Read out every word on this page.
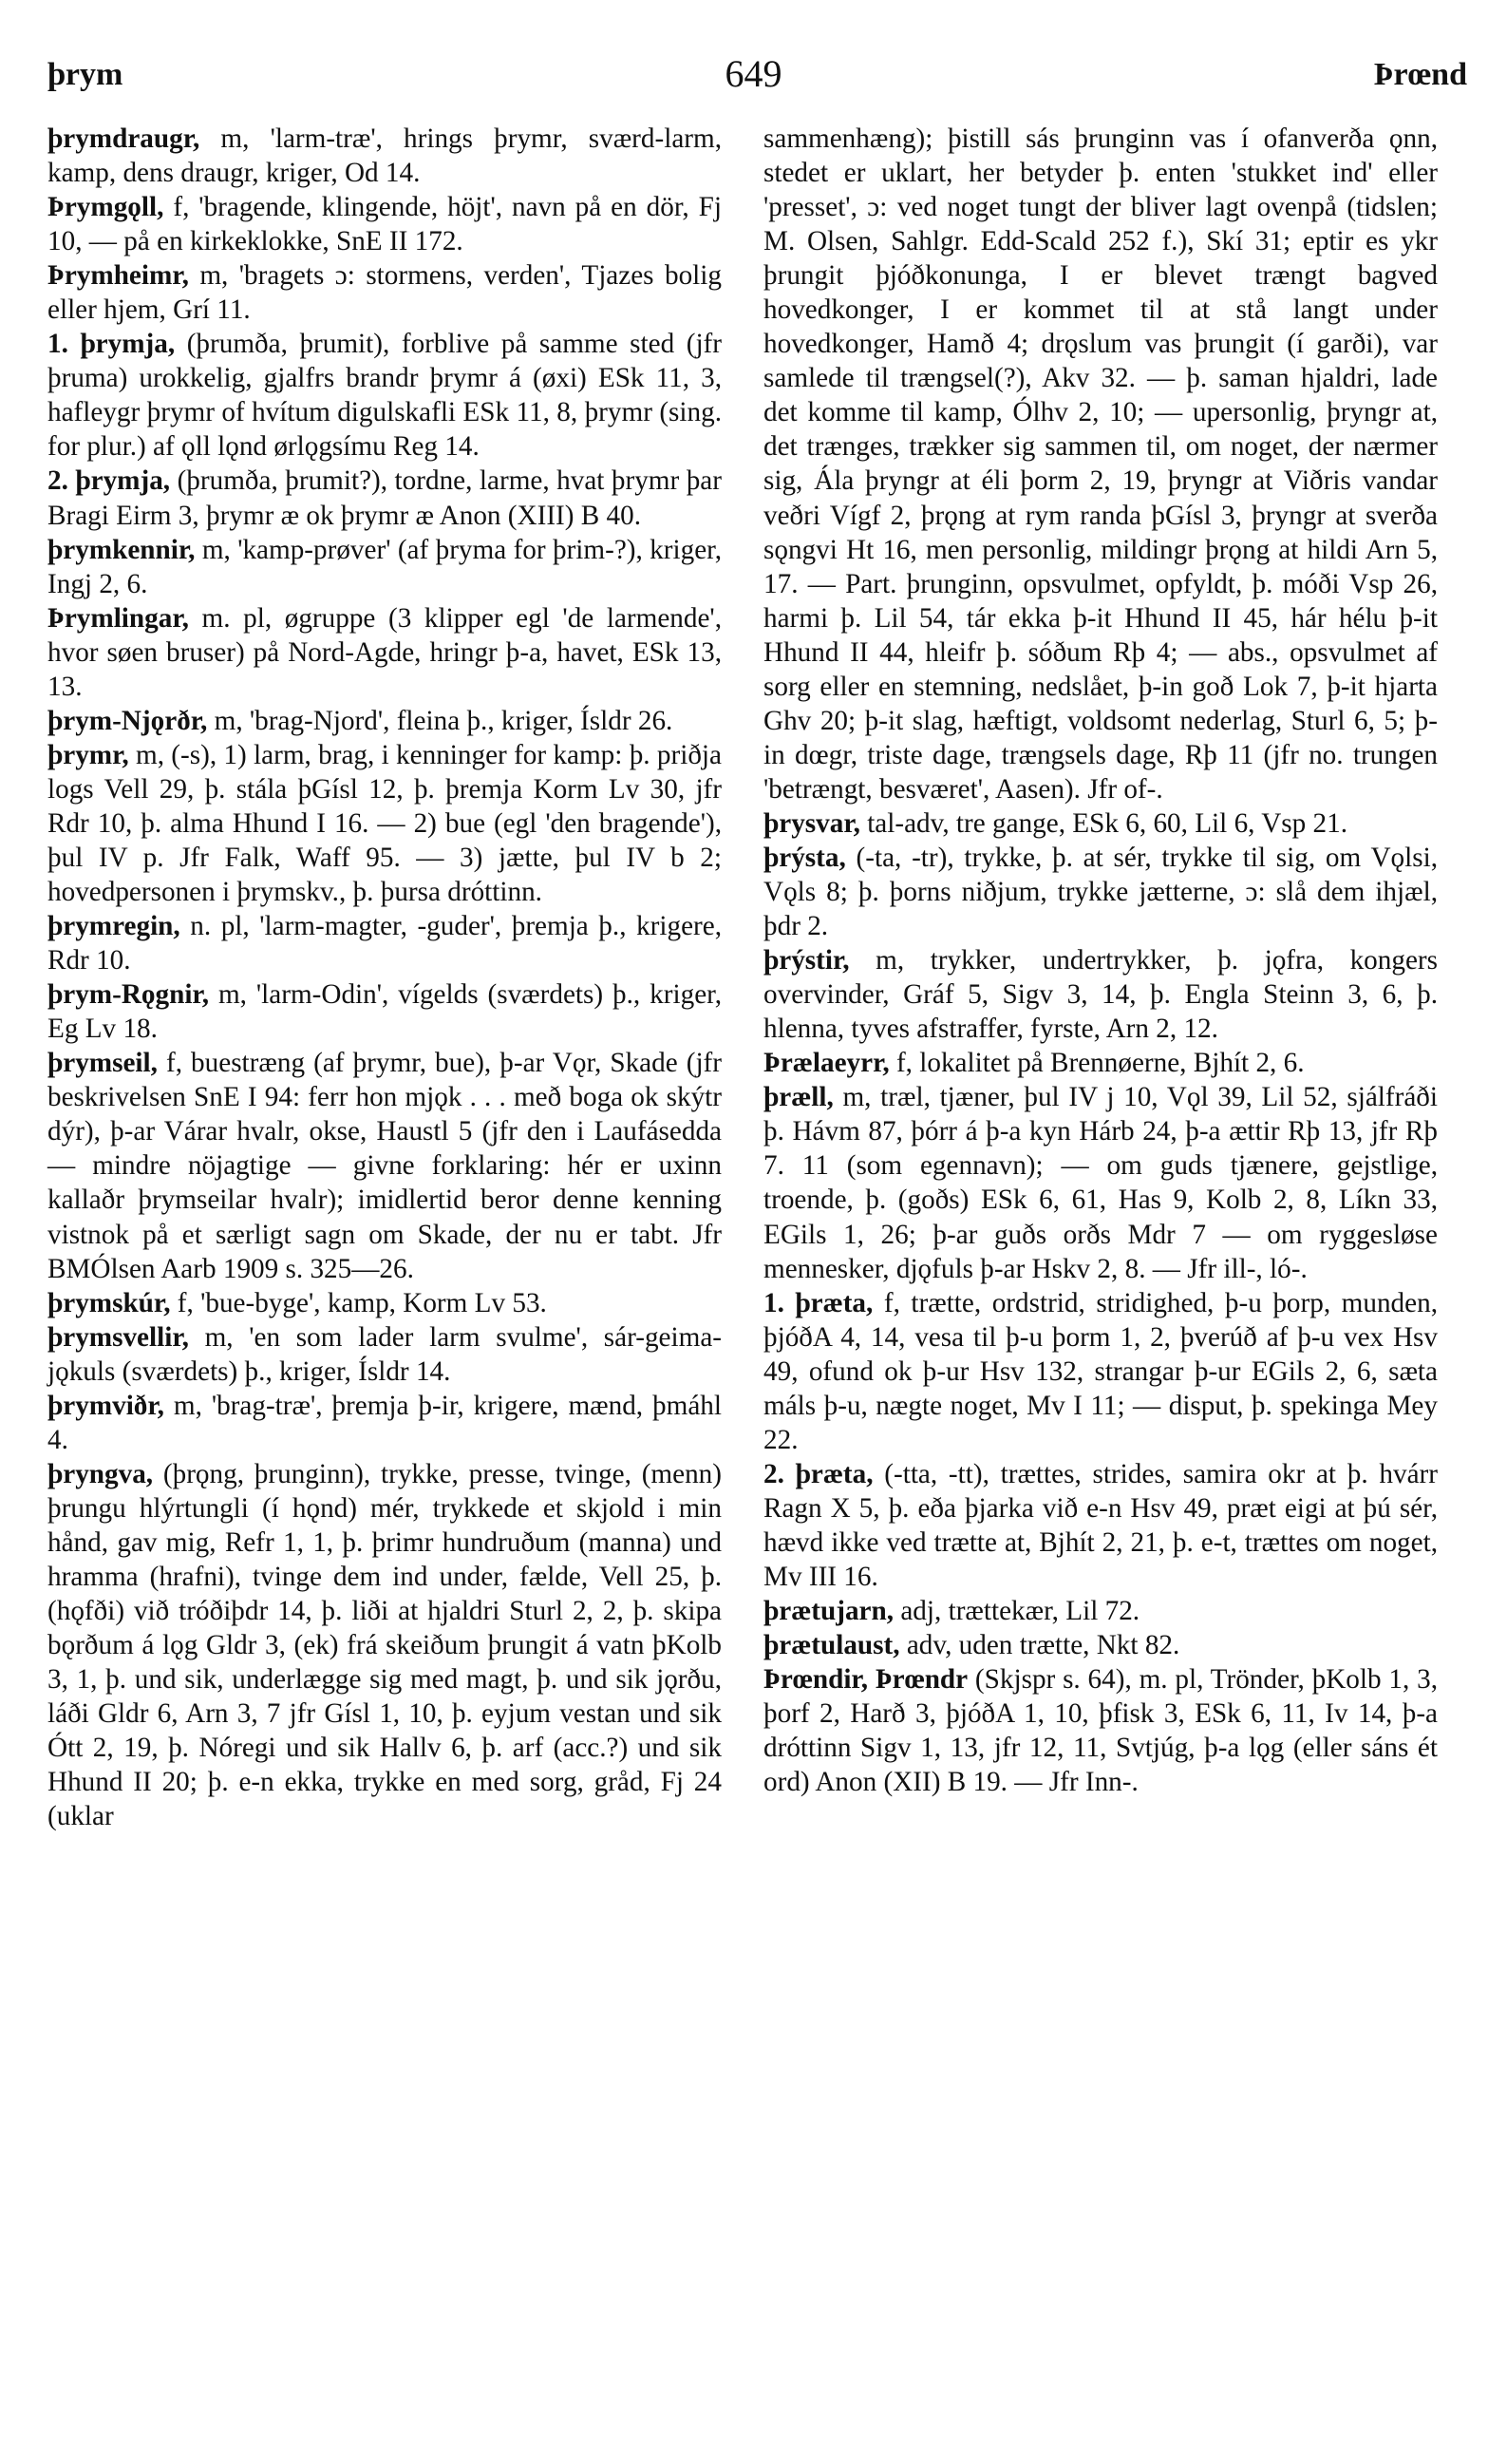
þrym	649	Þrœnd

þrymdraugr, m, 'larm-træ', hrings þrymr, sværd-larm, kamp, dens draugr, kriger, Od 14.

Þrymgǫll, f, 'bragende, klingende, höjt', navn på en dör, Fj 10, — på en kirkeklokke, SnE II 172.

Þrymheimr, m, 'bragets ɔ: stormens, verden', Tjazes bolig eller hjem, Grí 11.

1. þrymja, (þrumða, þrumit), forblive på samme sted (jfr þruma) urokkelig, gjalfrs brandr þrymr á (øxi) ESk 11, 3, hafleygr þrymr of hvítum digulskafli ESk 11, 8, þrymr (sing. for plur.) af ǫll lǫnd ørlǫgsímu Reg 14.

2. þrymja, (þrumða, þrumit?), tordne, larme, hvat þrymr þar Bragi Eirm 3, þrymr æ ok þrymr æ Anon (XIII) B 40.

þrymkennir, m, 'kamp-prøver' (af þryma for þrim-?), kriger, Ingj 2, 6.

Þrymlingar, m. pl, øgruppe (3 klipper egl 'de larmende', hvor søen bruser) på Nord-Agde, hringr þ-a, havet, ESk 13, 13.

þrym-Njǫrðr, m, 'brag-Njord', fleina þ., kriger, Ísldr 26.

þrymr, m, (-s), 1) larm, brag, i kenninger for kamp: þ. priðja logs Vell 29, þ. stála þGísl 12, þ. þremja Korm Lv 30, jfr Rdr 10, þ. alma Hhund I 16. — 2) bue (egl 'den bragende'), þul IV p. Jfr Falk, Waff 95. — 3) jætte, þul IV b 2; hovedpersonen i þrymskv., þ. þursa dróttinn.

þrymregin, n. pl, 'larm-magter, -guder', þremja þ., krigere, Rdr 10.

þrym-Rǫgnir, m, 'larm-Odin', vígelds (sværdets) þ., kriger, Eg Lv 18.

þrymseil, f, buestræng (af þrymr, bue), þ-ar Vǫr, Skade (jfr beskrivelsen SnE I 94: ferr hon mjǫk . . . með boga ok skýtr dýr), þ-ar Várar hvalr, okse, Haustl 5 (jfr den i Laufásedda — mindre nöjagtige — givne forklaring: hér er uxinn kallaðr þrymseilar hvalr); imidlertid beror denne kenning vistnok på et særligt sagn om Skade, der nu er tabt. Jfr BMÓlsen Aarb 1909 s. 325—26.

þrymskúr, f, 'bue-byge', kamp, Korm Lv 53.

þrymsvellir, m, 'en som lader larm svulme', sár-geima-jǫkuls (sværdets) þ., kriger, Ísldr 14.

þrymviðr, m, 'brag-træ', þremja þ-ir, krigere, mænd, þmáhl 4.

þryngva, (þrǫng, þrunginn), trykke, presse, tvinge, (menn) þrungu hlýrtungli (í hǫnd) mér, trykkede et skjold i min hånd, gav mig, Refr 1, 1, þ. þrimr hundruðum (manna) und hramma (hrafni), tvinge dem ind under, fælde, Vell 25, þ. (hǫfði) við tróðiþdr 14, þ. liði at hjaldri Sturl 2, 2, þ. skipa bǫrðum á lǫg Gldr 3, (ek) frá skeiðum þrungit á vatn þKolb 3, 1, þ. und sik, underlægge sig med magt, þ. und sik jǫrðu, láði Gldr 6, Arn 3, 7 jfr Gísl 1, 10, þ. eyjum vestan und sik Ótt 2, 19, þ. Nóregi und sik Hallv 6, þ. arf (acc.?) und sik Hhund II 20; þ. e-n ekka, trykke en med sorg, gråd, Fj 24 (uklar

sammenhæng); þistill sás þrunginn vas í ofanverða ǫnn, stedet er uklart, her betyder þ. enten 'stukket ind' eller 'presset', ɔ: ved noget tungt der bliver lagt ovenpå (tidslen; M. Olsen, Sahlgr. Edd-Scald 252 f.), Skí 31; eptir es ykr þrungit þjóðkonunga, I er blevet trængt bagved hovedkonger, I er kommet til at stå langt under hovedkonger, Hamð 4; drǫslum vas þrungit (í garði), var samlede til trængsel(?), Akv 32. — þ. saman hjaldri, lade det komme til kamp, Ólhv 2, 10; — upersonlig, þryngr at, det trænges, trækker sig sammen til, om noget, der nærmer sig, Ála þryngr at éli þorm 2, 19, þryngr at Viðris vandar veðri Vígf 2, þrǫng at rym randa þGísl 3, þryngr at sverða sǫngvi Ht 16, men personlig, mildingr þrǫng at hildi Arn 5, 17. — Part. þrunginn, opsvulmet, opfyldt, þ. móði Vsp 26, harmi þ. Lil 54, tár ekka þ-it Hhund II 45, hár hélu þ-it Hhund II 44, hleifr þ. sóðum Rþ 4; — abs., opsvulmet af sorg eller en stemning, nedslået, þ-in goð Lok 7, þ-it hjarta Ghv 20; þ-it slag, hæftigt, voldsomt nederlag, Sturl 6, 5; þ-in dœgr, triste dage, trængsels dage, Rþ 11 (jfr no. trungen 'betrængt, besværet', Aasen). Jfr of-.

þrysvar, tal-adv, tre gange, ESk 6, 60, Lil 6, Vsp 21.

þrýsta, (-ta, -tr), trykke, þ. at sér, trykke til sig, om Vǫlsi, Vǫls 8; þ. þorns niðjum, trykke jætterne, ɔ: slå dem ihjæl, þdr 2.

þrýstir, m, trykker, undertrykker, þ. jǫfra, kongers overvinder, Gráf 5, Sigv 3, 14, þ. Engla Steinn 3, 6, þ. hlenna, tyves afstraffer, fyrste, Arn 2, 12.

Þrælaeyrr, f, lokalitet på Brennøerne, Bjhít 2, 6.

þræll, m, træl, tjæner, þul IV j 10, Vǫl 39, Lil 52, sjálfráði þ. Hávm 87, þórr á þ-a kyn Hárb 24, þ-a ættir Rþ 13, jfr Rþ 7. 11 (som egennavn); — om guds tjænere, gejstlige, troende, þ. (goðs) ESk 6, 61, Has 9, Kolb 2, 8, Líkn 33, EGils 1, 26; þ-ar guðs orðs Mdr 7 — om ryggesløse mennesker, djǫfuls þ-ar Hskv 2, 8. — Jfr ill-, ló-.

1. þræta, f, trætte, ordstrid, stridighed, þ-u þorp, munden, þjóðA 4, 14, vesa til þ-u þorm 1, 2, þverúð af þ-u vex Hsv 49, ofund ok þ-ur Hsv 132, strangar þ-ur EGils 2, 6, sæta máls þ-u, nægte noget, Mv I 11; — disput, þ. spekinga Mey 22.

2. þræta, (-tta, -tt), trættes, strides, samira okr at þ. hvárr Ragn X 5, þ. eða þjarka við e-n Hsv 49, præt eigi at þú sér, hævd ikke ved trætte at, Bjhít 2, 21, þ. e-t, trættes om noget, Mv III 16.

þrætujarn, adj, trættekær, Lil 72.

þrætulaust, adv, uden trætte, Nkt 82.

Þrœndir, Þrœndr (Skjspr s. 64), m. pl, Trönder, þKolb 1, 3, þorf 2, Harð 3, þjóðA 1, 10, þfisk 3, ESk 6, 11, Iv 14, þ-a dróttinn Sigv 1, 13, jfr 12, 11, Svtjúg, þ-a lǫg (eller sáns ét ord) Anon (XII) B 19. — Jfr Inn-.
